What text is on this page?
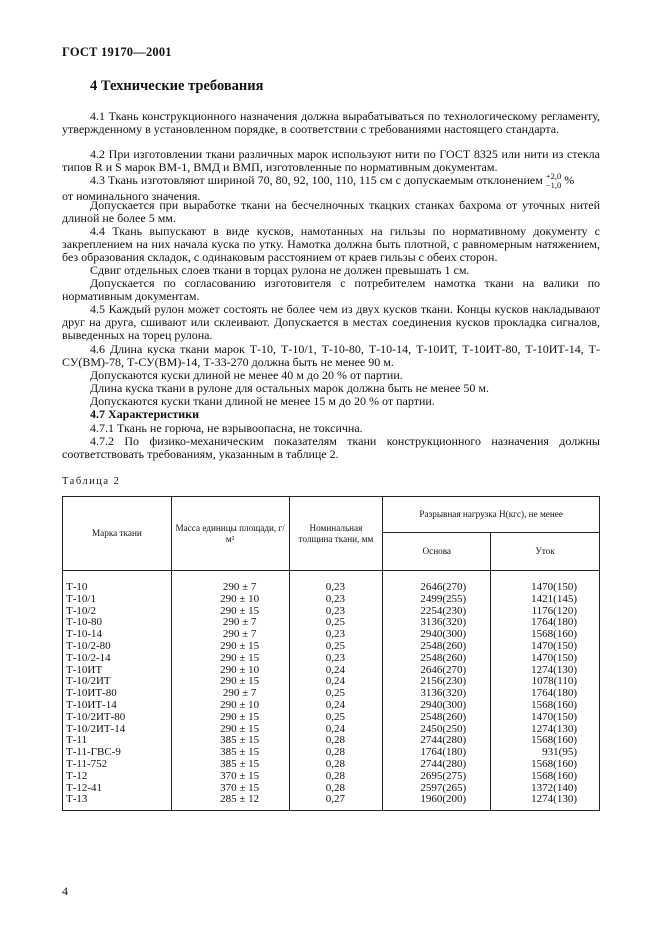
ГОСТ 19170—2001
4 Технические требования
4.1 Ткань конструкционного назначения должна вырабатываться по технологическому регламенту, утвержденному в установленном порядке, в соответствии с требованиями настоящего стандарта.
4.2 При изготовлении ткани различных марок используют нити по ГОСТ 8325 или нити из стекла типов R и S марок ВМ-1, ВМД и ВМП, изготовленные по нормативным документам.
4.3 Ткань изготовляют шириной 70, 80, 92, 100, 110, 115 см с допускаемым отклонением +2,0
−1,0 %
от номинального значения.
Допускается при выработке ткани на бесчелночных ткацких станках бахрома от уточных нитей длиной не более 5 мм.
4.4 Ткань выпускают в виде кусков, намотанных на гильзы по нормативному документу с закреплением на них начала куска по утку. Намотка должна быть плотной, с равномерным натяжением, без образования складок, с одинаковым расстоянием от краев гильзы с обеих сторон.
Сдвиг отдельных слоев ткани в торцах рулона не должен превышать 1 см.
Допускается по согласованию изготовителя с потребителем намотка ткани на валики по нормативным документам.
4.5 Каждый рулон может состоять не более чем из двух кусков ткани. Концы кусков накладывают друг на друга, сшивают или склеивают. Допускается в местах соединения кусков прокладка сигналов, выведенных на торец рулона.
4.6 Длина куска ткани марок Т-10, Т-10/1, Т-10-80, Т-10-14, Т-10ИТ, Т-10ИТ-80, Т-10ИТ-14, Т-СУ(ВМ)-78, Т-СУ(ВМ)-14, Т-33-270 должна быть не менее 90 м.
Допускаются куски длиной не менее 40 м до 20 % от партии.
Длина куска ткани в рулоне для остальных марок должна быть не менее 50 м.
Допускаются куски ткани длиной не менее 15 м до 20 % от партии.
4.7 Характеристики
4.7.1 Ткань не горюча, не взрывоопасна, не токсична.
4.7.2 По физико-механическим показателям ткани конструкционного назначения должны соответствовать требованиям, указанным в таблице 2.
Таблица 2
Марка ткани	Масса единицы площади, г/м²	Номинальная толщина ткани, мм	Разрывная нагрузка Н(кгс), не менее	
			Основа	Уток
Т-10	290 ± 7	0,23	2646(270)	1470(150)
Т-10/1	290 ± 10	0,23	2499(255)	1421(145)
Т-10/2	290 ± 15	0,23	2254(230)	1176(120)
Т-10-80	290 ± 7	0,25	3136(320)	1764(180)
Т-10-14	290 ± 7	0,23	2940(300)	1568(160)
Т-10/2-80	290 ± 15	0,25	2548(260)	1470(150)
Т-10/2-14	290 ± 15	0,23	2548(260)	1470(150)
Т-10ИТ	290 ± 10	0,24	2646(270)	1274(130)
Т-10/2ИТ	290 ± 15	0,24	2156(230)	1078(110)
Т-10ИТ-80	290 ± 7	0,25	3136(320)	1764(180)
Т-10ИТ-14	290 ± 10	0,24	2940(300)	1568(160)
Т-10/2ИТ-80	290 ± 15	0,25	2548(260)	1470(150)
Т-10/2ИТ-14	290 ± 15	0,24	2450(250)	1274(130)
Т-11	385 ± 15	0,28	2744(280)	1568(160)
Т-11-ГВС-9	385 ± 15	0,28	1764(180)	931(95)
Т-11-752	385 ± 15	0,28	2744(280)	1568(160)
Т-12	370 ± 15	0,28	2695(275)	1568(160)
Т-12-41	370 ± 15	0,28	2597(265)	1372(140)
Т-13	285 ± 12	0,27	1960(200)	1274(130)
4
